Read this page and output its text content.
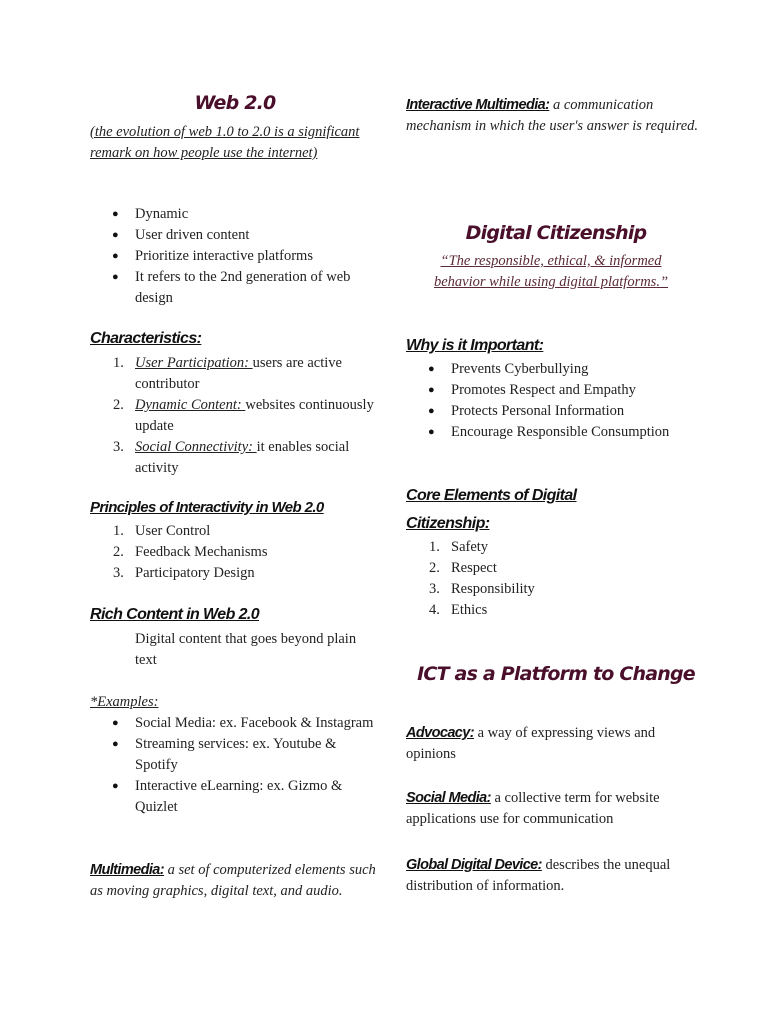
Web 2.0
(the evolution of web 1.0 to 2.0 is a significant remark on how people use the internet)
● Dynamic
● User driven content
● Prioritize interactive platforms
● It refers to the 2nd generation of web design
Characteristics:
1. User Participation: users are active contributor
2. Dynamic Content: websites continuously update
3. Social Connectivity: it enables social activity
Principles of Interactivity in Web 2.0
1. User Control
2. Feedback Mechanisms
3. Participatory Design
Rich Content in Web 2.0
Digital content that goes beyond plain text
*Examples:
● Social Media: ex. Facebook & Instagram
● Streaming services: ex. Youtube & Spotify
● Interactive eLearning: ex. Gizmo & Quizlet
Multimedia: a set of computerized elements such as moving graphics, digital text, and audio.
Interactive Multimedia: a communication mechanism in which the user's answer is required.
Digital Citizenship
“The responsible, ethical, & informed behavior while using digital platforms.”
Why is it Important:
● Prevents Cyberbullying
● Promotes Respect and Empathy
● Protects Personal Information
● Encourage Responsible Consumption
Core Elements of Digital Citizenship:
1. Safety
2. Respect
3. Responsibility
4. Ethics
ICT as a Platform to Change
Advocacy: a way of expressing views and opinions
Social Media: a collective term for website applications use for communication
Global Digital Device: describes the unequal distribution of information.
